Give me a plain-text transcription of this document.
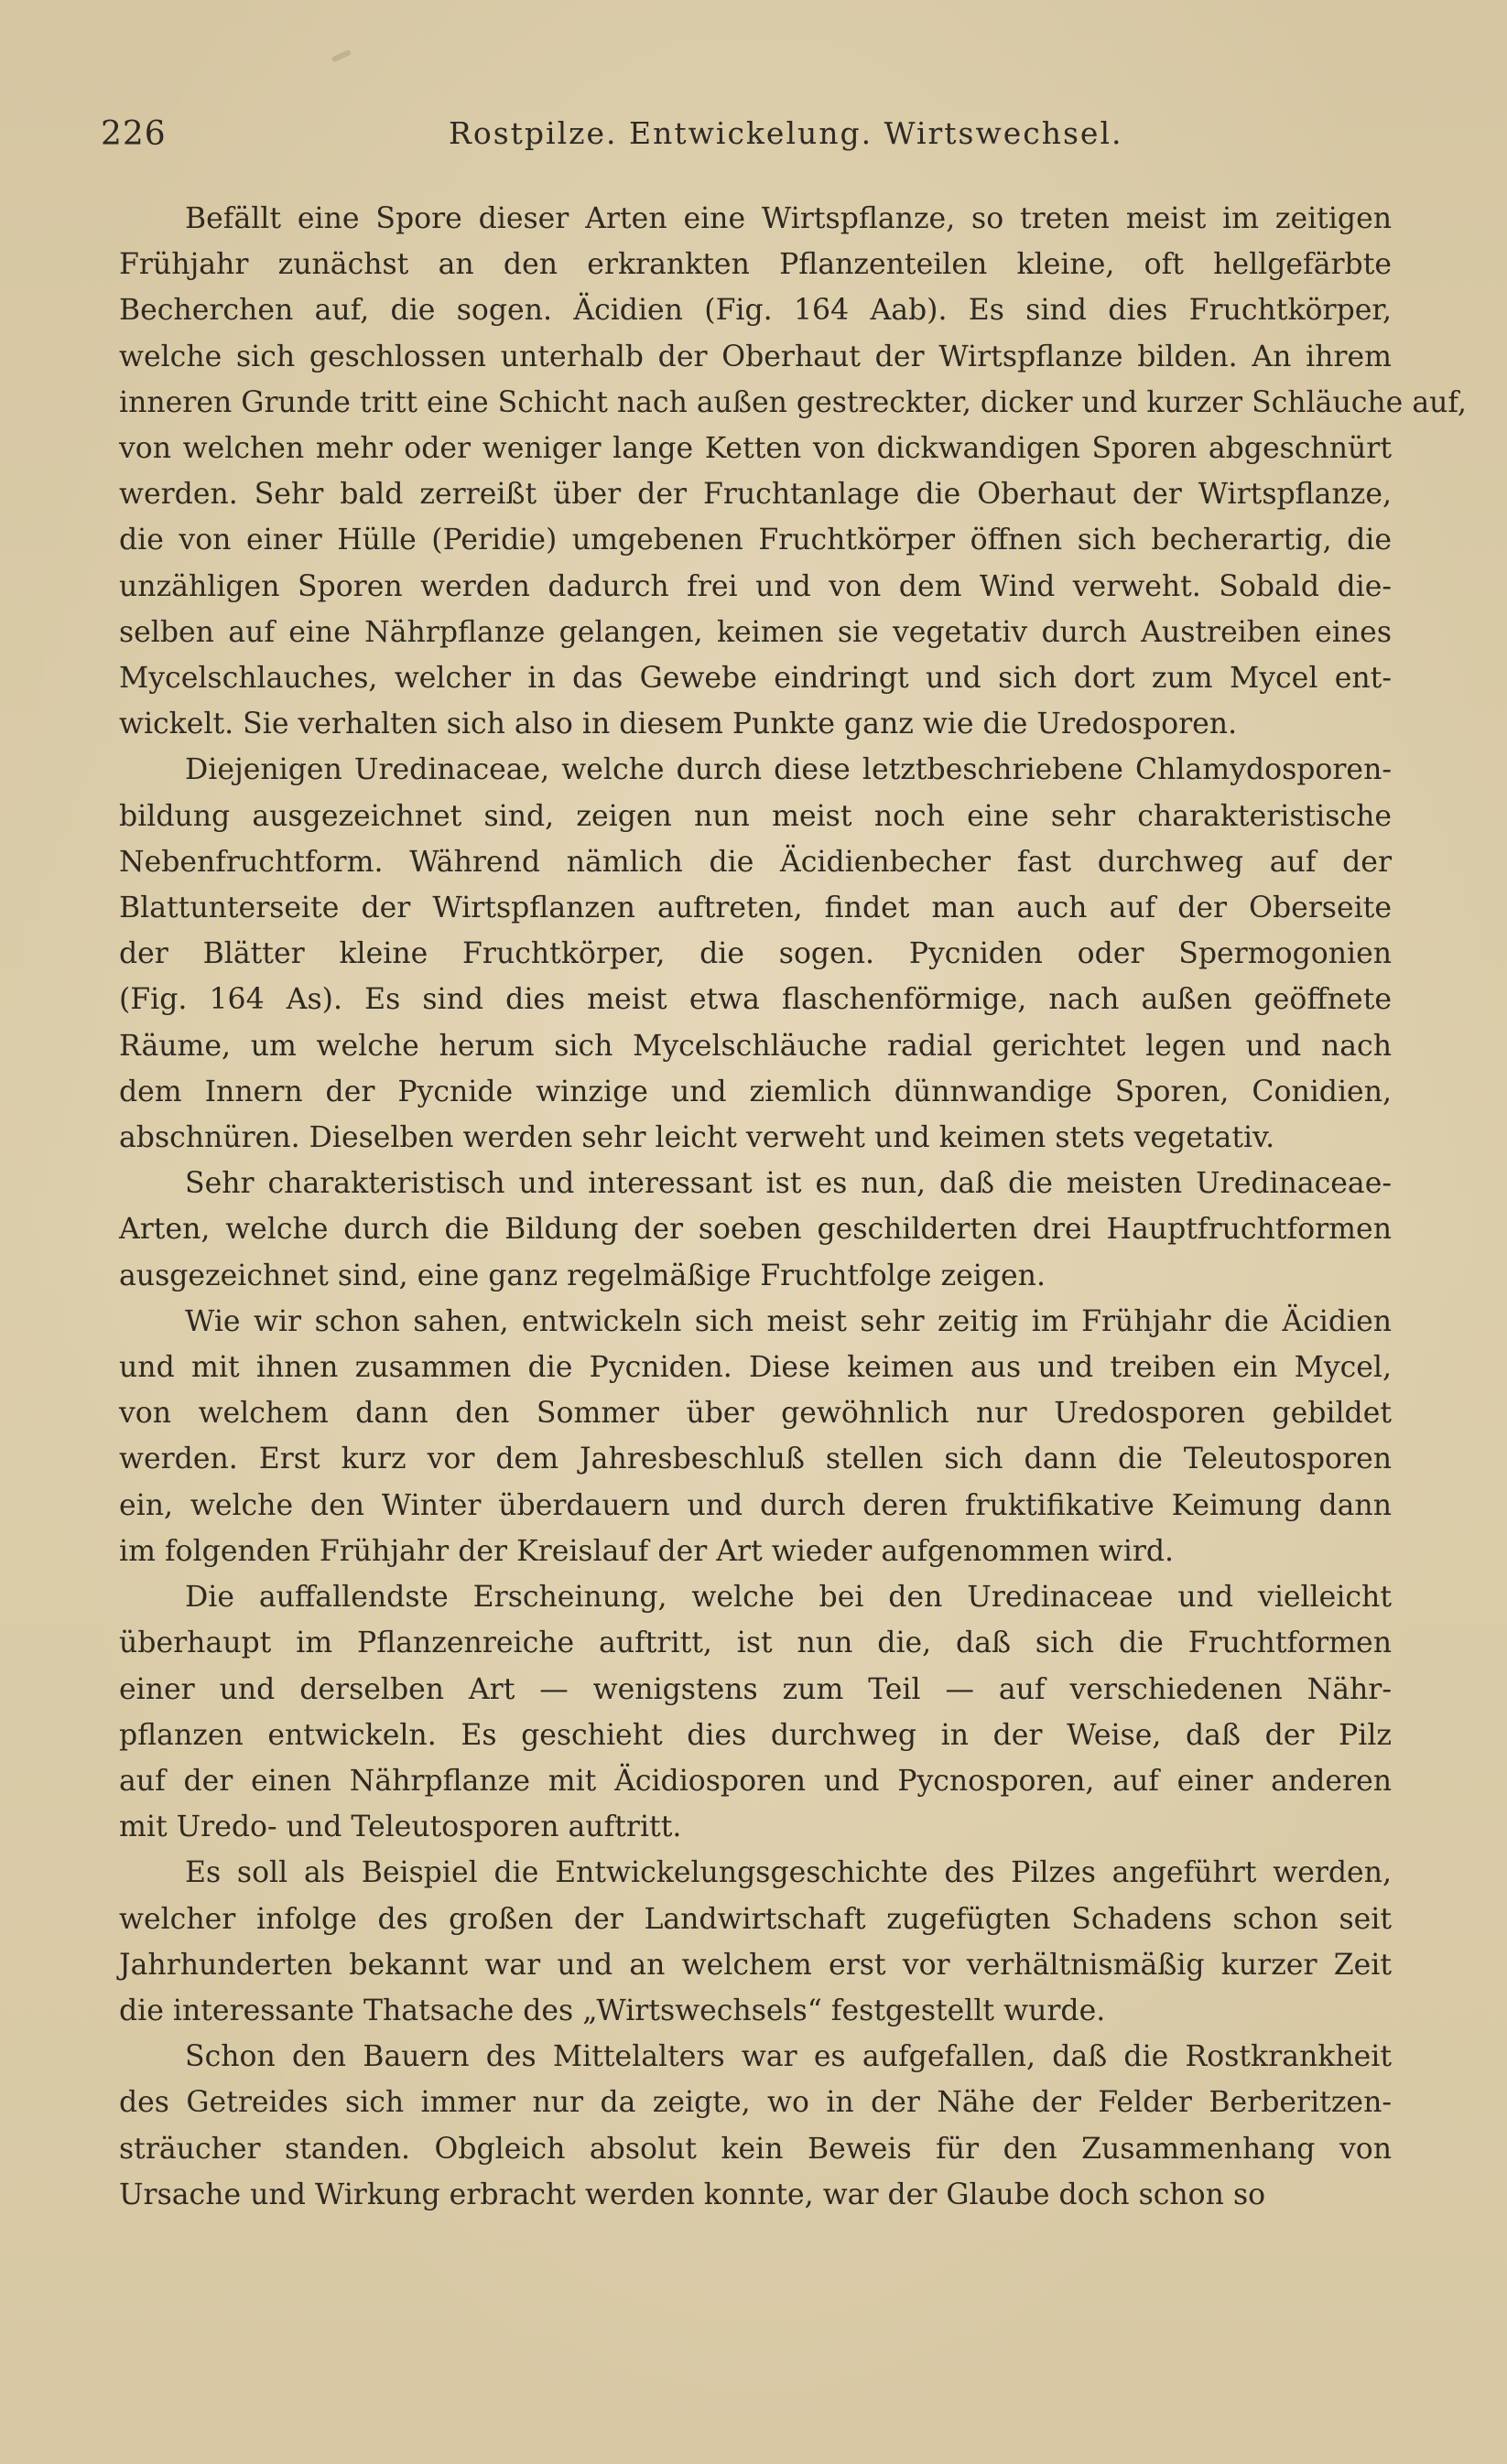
226	Rostpilze. Entwickelung. Wirtswechsel.
Befällt eine Spore dieser Arten eine Wirtspflanze, so treten meist im zeitigen
Frühjahr zunächst an den erkrankten Pflanzenteilen kleine, oft hellgefärbte
Becherchen auf, die sogen. Äcidien (Fig. 164 Aab). Es sind dies Fruchtkörper,
welche sich geschlossen unterhalb der Oberhaut der Wirtspflanze bilden. An ihrem
inneren Grunde tritt eine Schicht nach außen gestreckter, dicker und kurzer Schläuche auf,
von welchen mehr oder weniger lange Ketten von dickwandigen Sporen abgeschnürt
werden. Sehr bald zerreißt über der Fruchtanlage die Oberhaut der Wirtspflanze,
die von einer Hülle (Peridie) umgebenen Fruchtkörper öffnen sich becherartig, die
unzähligen Sporen werden dadurch frei und von dem Wind verweht. Sobald die-
selben auf eine Nährpflanze gelangen, keimen sie vegetativ durch Austreiben eines
Mycelschlauches, welcher in das Gewebe eindringt und sich dort zum Mycel ent-
wickelt. Sie verhalten sich also in diesem Punkte ganz wie die Uredosporen.
Diejenigen Uredinaceae, welche durch diese letztbeschriebene Chlamydosporen-
bildung ausgezeichnet sind, zeigen nun meist noch eine sehr charakteristische
Nebenfruchtform. Während nämlich die Äcidienbecher fast durchweg auf der
Blattunterseite der Wirtspflanzen auftreten, findet man auch auf der Oberseite
der Blätter kleine Fruchtkörper, die sogen. Pycniden oder Spermogonien
(Fig. 164 As). Es sind dies meist etwa flaschenförmige, nach außen geöffnete
Räume, um welche herum sich Mycelschläuche radial gerichtet legen und nach
dem Innern der Pycnide winzige und ziemlich dünnwandige Sporen, Conidien,
abschnüren. Dieselben werden sehr leicht verweht und keimen stets vegetativ.
Sehr charakteristisch und interessant ist es nun, daß die meisten Uredinaceae-
Arten, welche durch die Bildung der soeben geschilderten drei Hauptfruchtformen
ausgezeichnet sind, eine ganz regelmäßige Fruchtfolge zeigen.
Wie wir schon sahen, entwickeln sich meist sehr zeitig im Frühjahr die Äcidien
und mit ihnen zusammen die Pycniden. Diese keimen aus und treiben ein Mycel,
von welchem dann den Sommer über gewöhnlich nur Uredosporen gebildet
werden. Erst kurz vor dem Jahresbeschluß stellen sich dann die Teleutosporen
ein, welche den Winter überdauern und durch deren fruktifikative Keimung dann
im folgenden Frühjahr der Kreislauf der Art wieder aufgenommen wird.
Die auffallendste Erscheinung, welche bei den Uredinaceae und vielleicht
überhaupt im Pflanzenreiche auftritt, ist nun die, daß sich die Fruchtformen
einer und derselben Art — wenigstens zum Teil — auf verschiedenen Nähr-
pflanzen entwickeln. Es geschieht dies durchweg in der Weise, daß der Pilz
auf der einen Nährpflanze mit Äcidiosporen und Pycnosporen, auf einer anderen
mit Uredo- und Teleutosporen auftritt.
Es soll als Beispiel die Entwickelungsgeschichte des Pilzes angeführt werden,
welcher infolge des großen der Landwirtschaft zugefügten Schadens schon seit
Jahrhunderten bekannt war und an welchem erst vor verhältnismäßig kurzer Zeit
die interessante Thatsache des „Wirtswechsels“ festgestellt wurde.
Schon den Bauern des Mittelalters war es aufgefallen, daß die Rostkrankheit
des Getreides sich immer nur da zeigte, wo in der Nähe der Felder Berberitzen-
sträucher standen. Obgleich absolut kein Beweis für den Zusammenhang von
Ursache und Wirkung erbracht werden konnte, war der Glaube doch schon so
